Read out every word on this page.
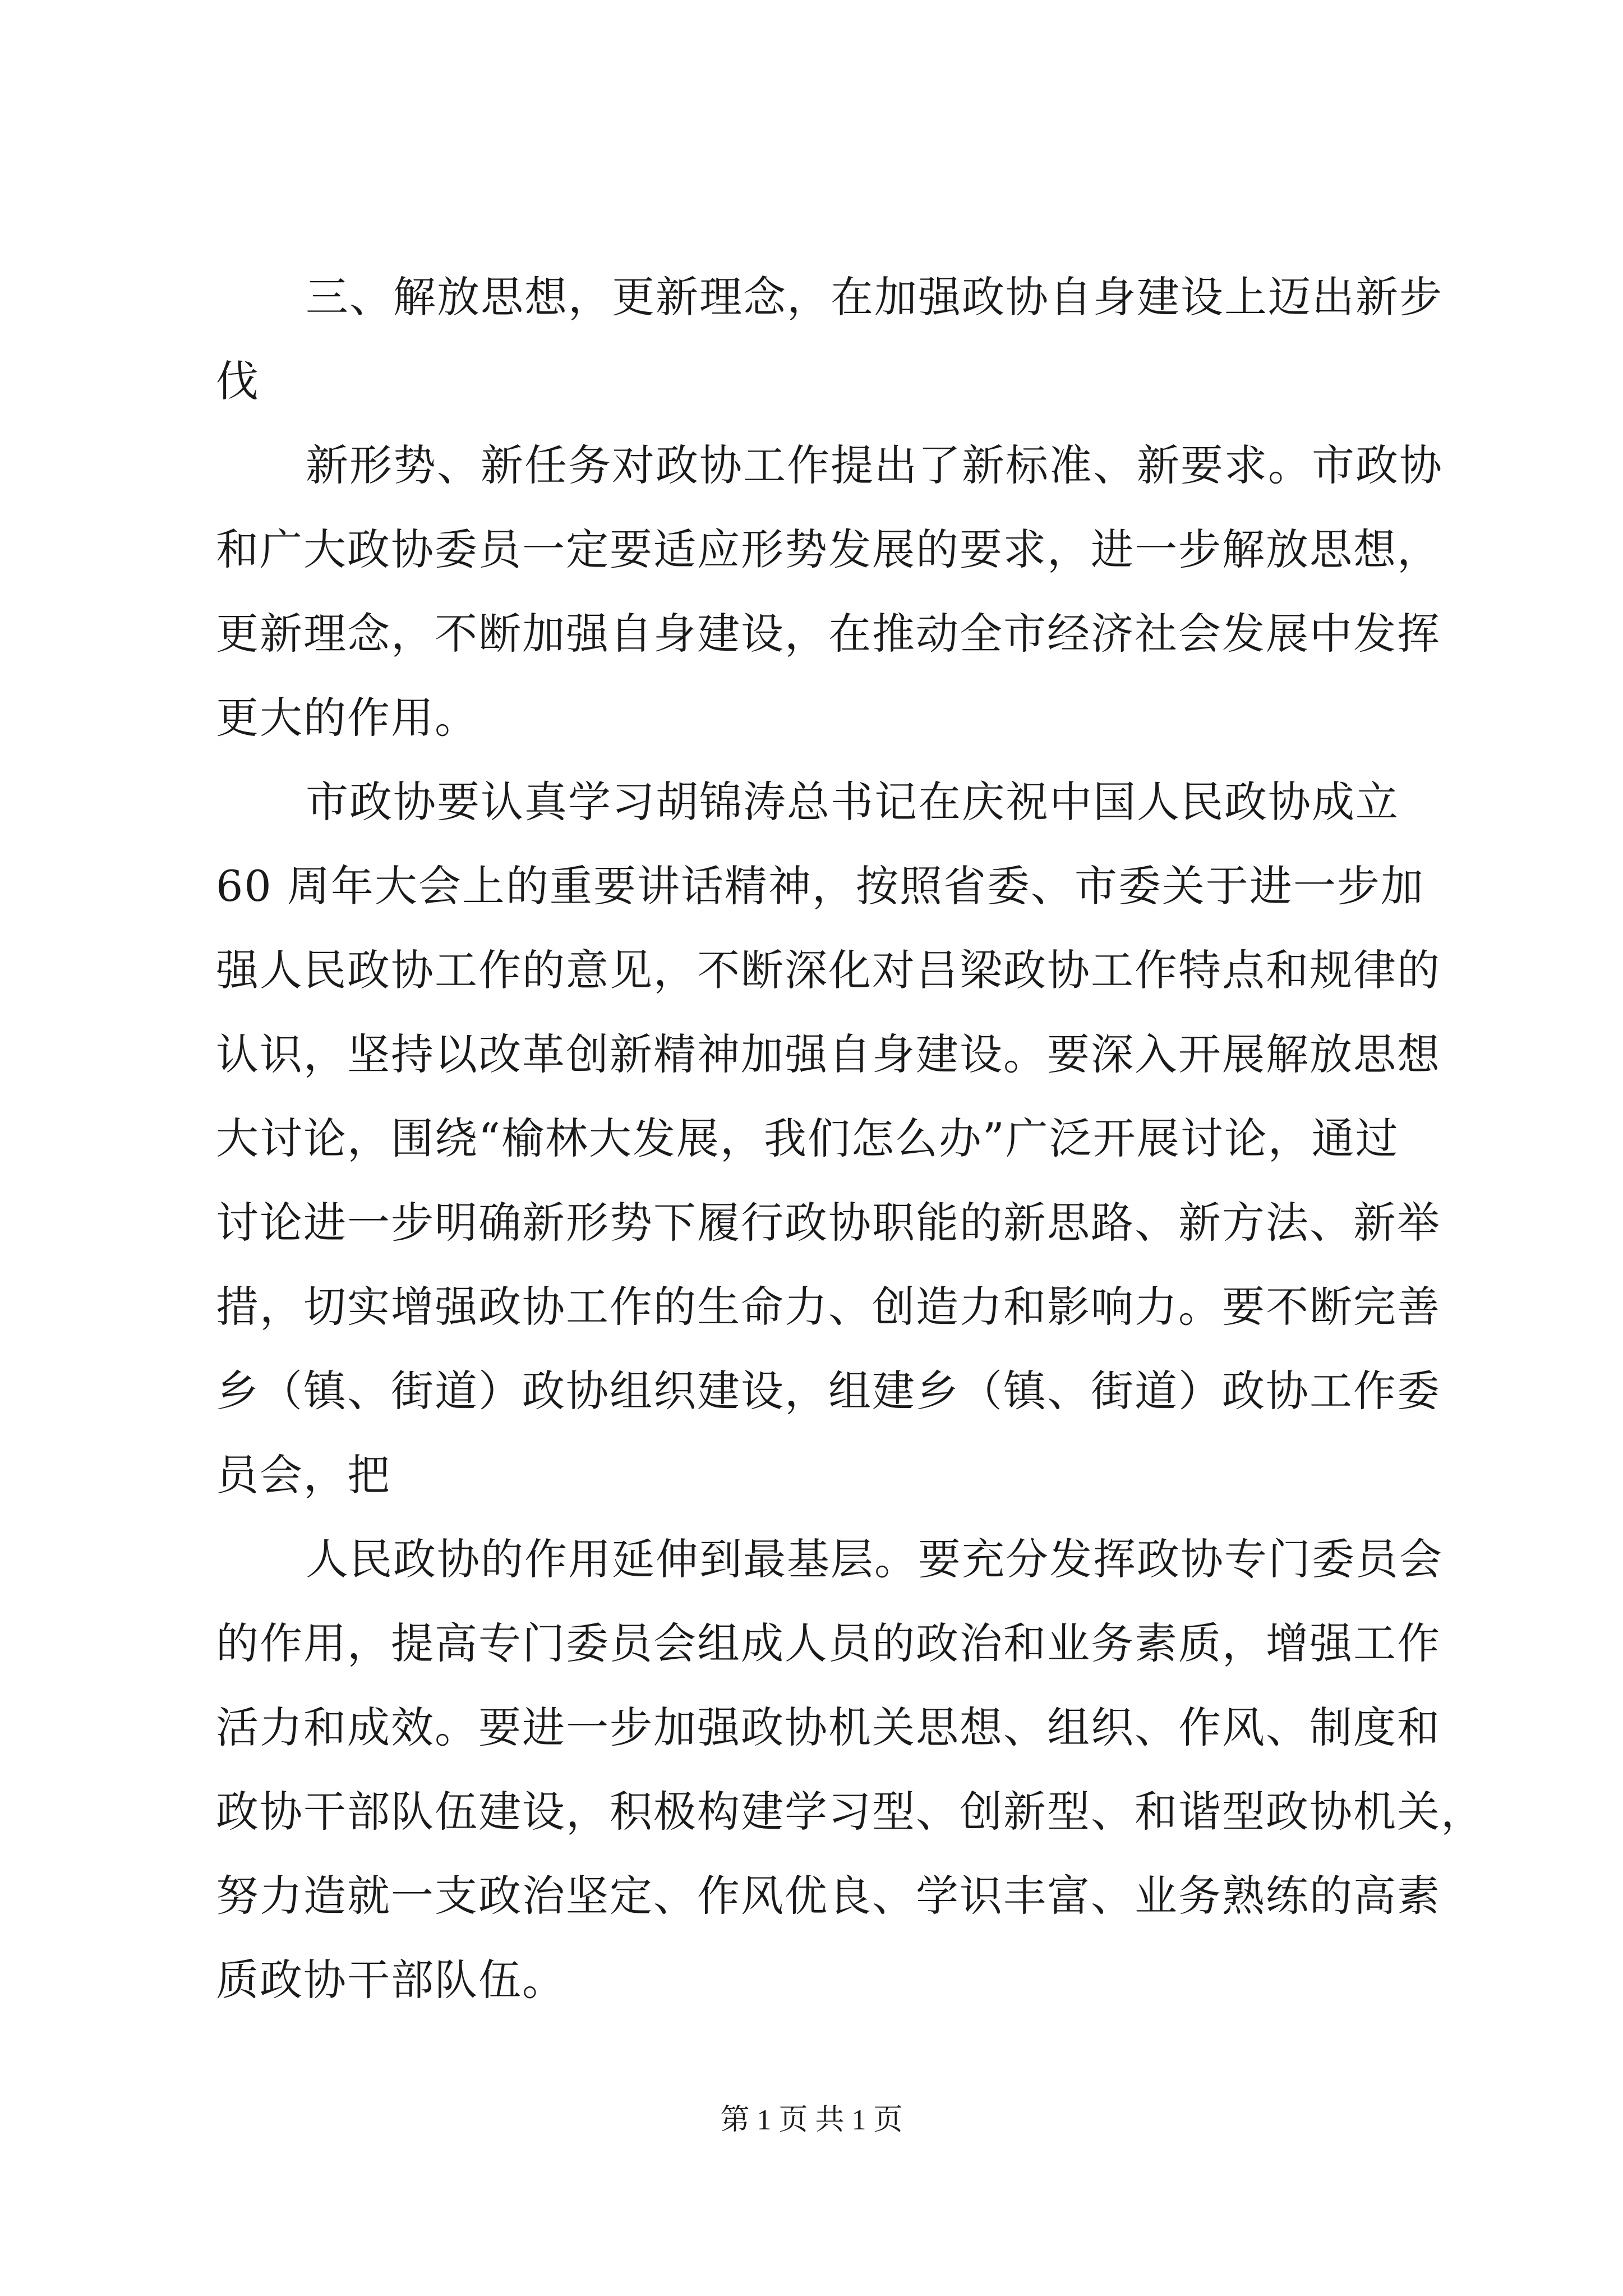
三、解放思想，更新理念，在加强政协自身建设上迈出新步
伐
新形势、新任务对政协工作提出了新标准、新要求。市政协
和广大政协委员一定要适应形势发展的要求，进一步解放思想，
更新理念，不断加强自身建设，在推动全市经济社会发展中发挥
更大的作用。
市政协要认真学习胡锦涛总书记在庆祝中国人民政协成立
60 周年大会上的重要讲话精神，按照省委、市委关于进一步加
强人民政协工作的意见，不断深化对吕梁政协工作特点和规律的
认识，坚持以改革创新精神加强自身建设。要深入开展解放思想
大讨论，围绕“榆林大发展，我们怎么办”广泛开展讨论，通过
讨论进一步明确新形势下履行政协职能的新思路、新方法、新举
措，切实增强政协工作的生命力、创造力和影响力。要不断完善
乡（镇、街道）政协组织建设，组建乡（镇、街道）政协工作委
员会，把
人民政协的作用延伸到最基层。要充分发挥政协专门委员会
的作用，提高专门委员会组成人员的政治和业务素质，增强工作
活力和成效。要进一步加强政协机关思想、组织、作风、制度和
政协干部队伍建设，积极构建学习型、创新型、和谐型政协机关，
努力造就一支政治坚定、作风优良、学识丰富、业务熟练的高素
质政协干部队伍。
第 1 页 共 1 页
